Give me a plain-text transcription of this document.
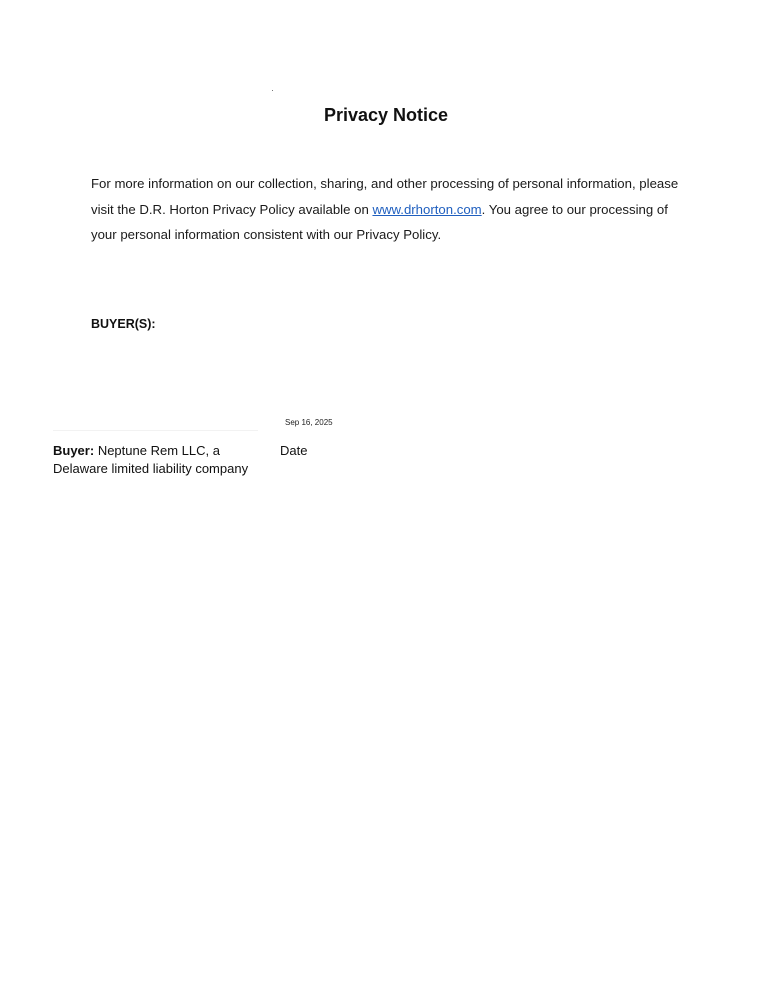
Privacy Notice

For more information on our collection, sharing, and other processing of personal information, please visit the D.R. Horton Privacy Policy available on www.drhorton.com. You agree to our processing of your personal information consistent with our Privacy Policy.

BUYER(S):
Sep 16, 2025
Buyer: Neptune Rem LLC, a Delaware limited liability company
Date
